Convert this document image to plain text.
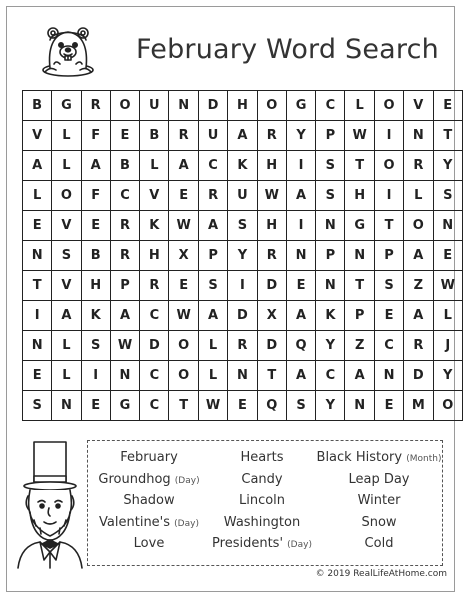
February Word Search
B	G	R	O	U	N	D	H	O	G	C	L	O	V	E
V	L	F	E	B	R	U	A	R	Y	P	W	I	N	T
A	L	A	B	L	A	C	K	H	I	S	T	O	R	Y
L	O	F	C	V	E	R	U	W	A	S	H	I	L	S
E	V	E	R	K	W	A	S	H	I	N	G	T	O	N
N	S	B	R	H	X	P	Y	R	N	P	N	P	A	E
T	V	H	P	R	E	S	I	D	E	N	T	S	Z	W
I	A	K	A	C	W	A	D	X	A	K	P	E	A	L
N	L	S	W	D	O	L	R	D	Q	Y	Z	C	R	J
E	L	I	N	C	O	L	N	T	A	C	A	N	D	Y
S	N	E	G	C	T	W	E	Q	S	Y	N	E	M	O
February	Hearts	Black History (Month)
Groundhog (Day)	Candy	Leap Day
Shadow	Lincoln	Winter
Valentine's (Day)	Washington	Snow
Love	Presidents' (Day)	Cold
© 2019 RealLifeAtHome.com
